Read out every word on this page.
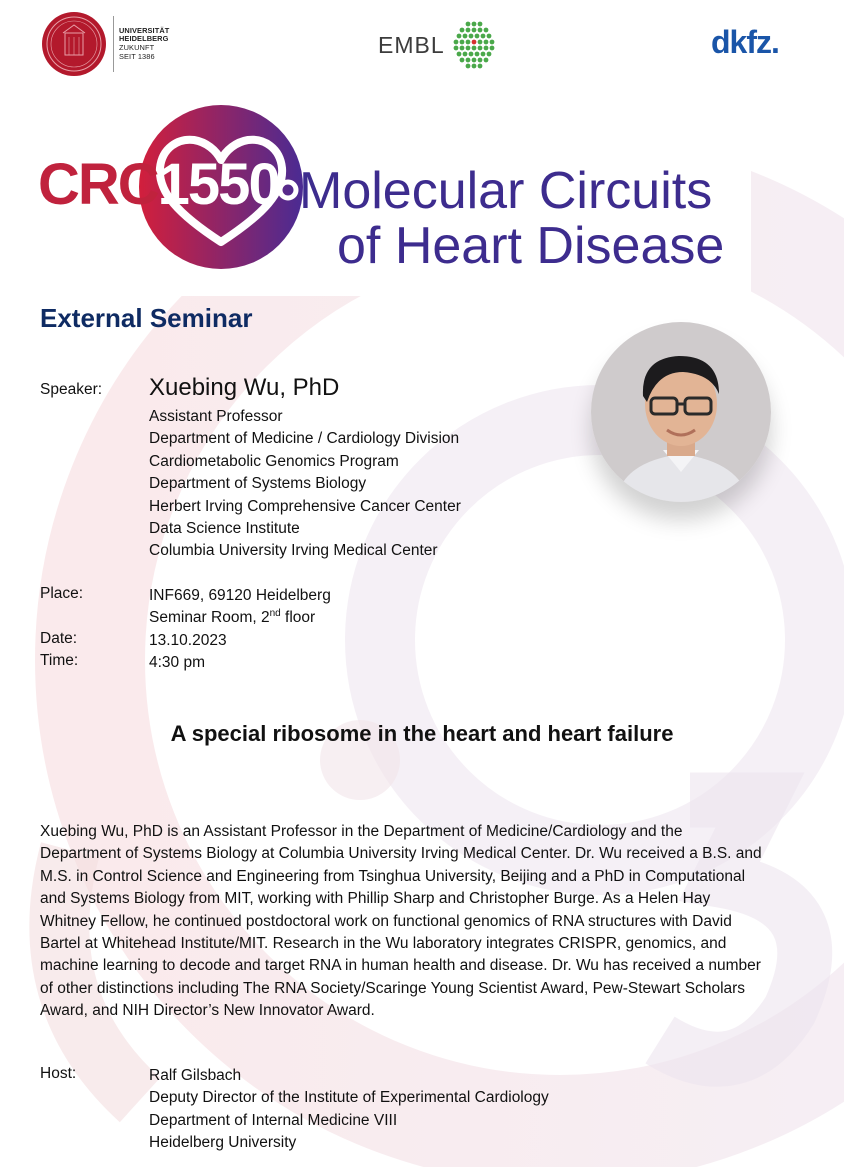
UNIVERSITÄT
HEIDELBERG
ZUKUNFT
SEIT 1386	EMBL	dkfz.
CRC1550 Molecular Circuits
of Heart Disease
External Seminar
Speaker: Xuebing Wu, PhD
Assistant Professor
Department of Medicine / Cardiology Division
Cardiometabolic Genomics Program
Department of Systems Biology
Herbert Irving Comprehensive Cancer Center
Data Science Institute
Columbia University Irving Medical Center
Place:	INF669, 69120 Heidelberg
Seminar Room, 2nd floor
Date:	13.10.2023
Time:	4:30 pm
A special ribosome in the heart and heart failure
Xuebing Wu, PhD is an Assistant Professor in the Department of Medicine/Cardiology and the
Department of Systems Biology at Columbia University Irving Medical Center. Dr. Wu received a B.S. and
M.S. in Control Science and Engineering from Tsinghua University, Beijing and a PhD in Computational
and Systems Biology from MIT, working with Phillip Sharp and Christopher Burge. As a Helen Hay
Whitney Fellow, he continued postdoctoral work on functional genomics of RNA structures with David
Bartel at Whitehead Institute/MIT. Research in the Wu laboratory integrates CRISPR, genomics, and
machine learning to decode and target RNA in human health and disease. Dr. Wu has received a number
of other distinctions including The RNA Society/Scaringe Young Scientist Award, Pew-Stewart Scholars
Award, and NIH Director’s New Innovator Award.
Host:	Ralf Gilsbach
Deputy Director of the Institute of Experimental Cardiology
Department of Internal Medicine VIII
Heidelberg University
